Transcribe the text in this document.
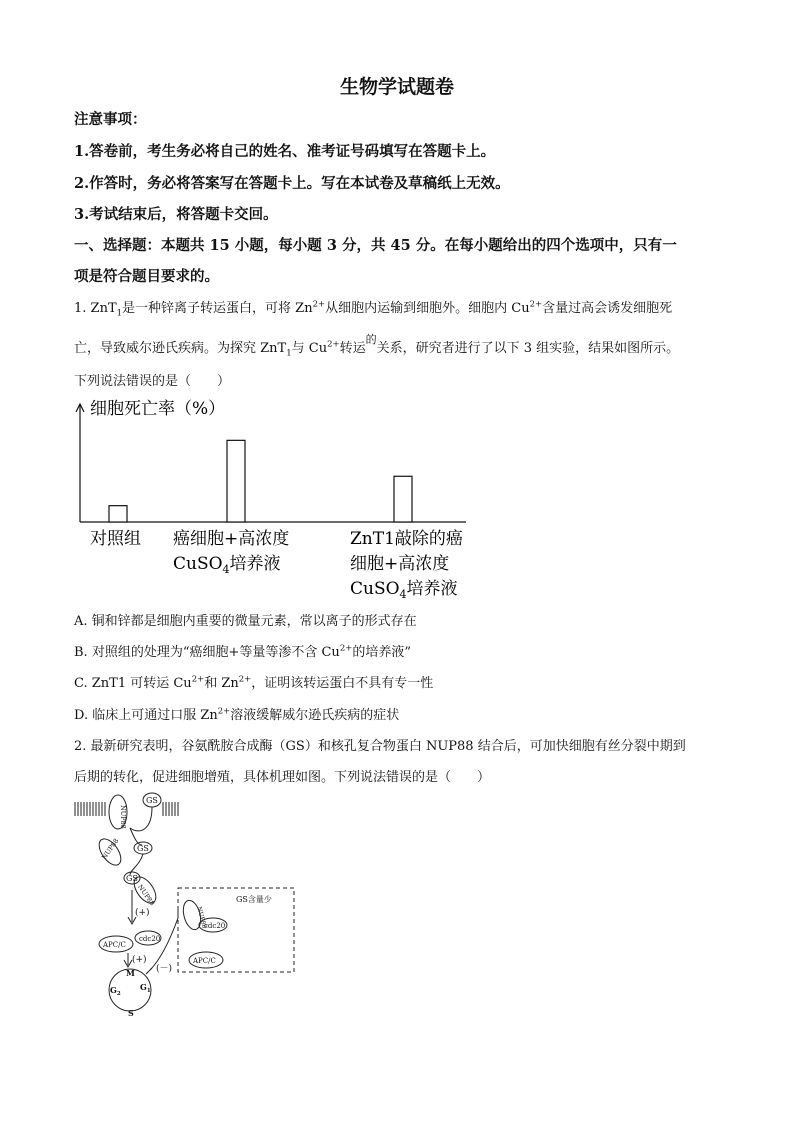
生物学试题卷
注意事项：
1.答卷前，考生务必将自己的姓名、准考证号码填写在答题卡上。
2.作答时，务必将答案写在答题卡上。写在本试卷及草稿纸上无效。
3.考试结束后，将答题卡交回。
一、选择题：本题共 15 小题，每小题 3 分，共 45 分。在每小题给出的四个选项中，只有一
项是符合题目要求的。
1. ZnT$_1$是一种锌离子转运蛋白，可将 $Zn^{2+}$从细胞内运输到细胞外。细胞内 $Cu^{2+}$含量过高会诱发细胞死
亡，导致威尔逊氏疾病。为探究 ZnT$_1$与 $Cu^{2+}$转运$^的$关系，研究者进行了以下 3 组实验，结果如图所示。
下列说法错误的是（　　）
细胞死亡率（%）
对照组 癌细胞+高浓度
CuSO$_4$培养液
ZnT1敲除的癌
细胞+高浓度
CuSO$_4$培养液
A. 铜和锌都是细胞内重要的微量元素，常以离子的形式存在
B. 对照组的处理为“癌细胞+等量等渗不含 $Cu^{2+}$的培养液”
C. ZnT1 可转运 $Cu^{2+}$和 $Zn^{2+}$，证明该转运蛋白不具有专一性
D. 临床上可通过口服 $Zn^{2+}$溶液缓解威尔逊氏疾病的症状
2. 最新研究表明，谷氨酰胺合成酶（GS）和核孔复合物蛋白 NUP88 结合后，可加快细胞有丝分裂中期到
后期的转化，促进细胞增殖，具体机理如图。下列说法错误的是（　　）
GS
NUP88
GS
NUP88
GS
NUP88
(+)
APC/C
cdc20
(+)
(－)
M
$G_2$
$G_1$
S
GS含量少
NUP88
cdc20
APC/C
